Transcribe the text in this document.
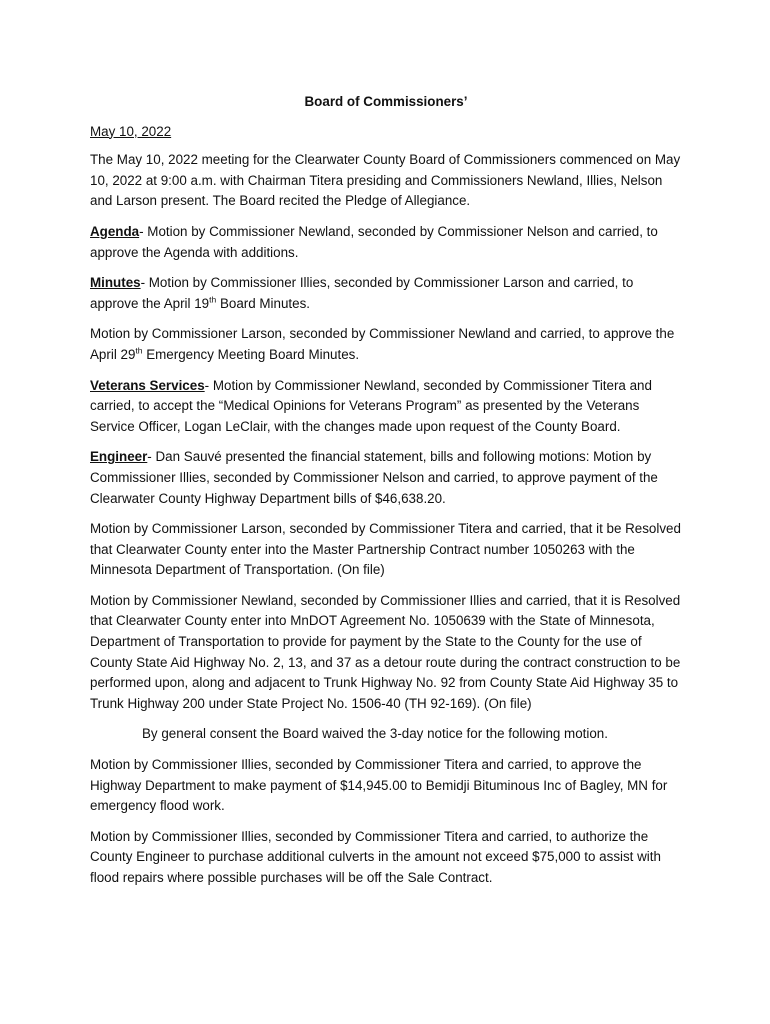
Board of Commissioners’
May 10, 2022

The May 10, 2022 meeting for the Clearwater County Board of Commissioners commenced on May 10, 2022 at 9:00 a.m. with Chairman Titera presiding and Commissioners Newland, Illies, Nelson and Larson present. The Board recited the Pledge of Allegiance.

Agenda- Motion by Commissioner Newland, seconded by Commissioner Nelson and carried, to approve the Agenda with additions.

Minutes- Motion by Commissioner Illies, seconded by Commissioner Larson and carried, to approve the April 19th Board Minutes.

Motion by Commissioner Larson, seconded by Commissioner Newland and carried, to approve the April 29th Emergency Meeting Board Minutes.

Veterans Services- Motion by Commissioner Newland, seconded by Commissioner Titera and carried, to accept the “Medical Opinions for Veterans Program” as presented by the Veterans Service Officer, Logan LeClair, with the changes made upon request of the County Board.

Engineer- Dan Sauvé presented the financial statement, bills and following motions: Motion by Commissioner Illies, seconded by Commissioner Nelson and carried, to approve payment of the Clearwater County Highway Department bills of $46,638.20.

Motion by Commissioner Larson, seconded by Commissioner Titera and carried, that it be Resolved that Clearwater County enter into the Master Partnership Contract number 1050263 with the Minnesota Department of Transportation. (On file)

Motion by Commissioner Newland, seconded by Commissioner Illies and carried, that it is Resolved that Clearwater County enter into MnDOT Agreement No. 1050639 with the State of Minnesota, Department of Transportation to provide for payment by the State to the County for the use of County State Aid Highway No. 2, 13, and 37 as a detour route during the contract construction to be performed upon, along and adjacent to Trunk Highway No. 92 from County State Aid Highway 35 to Trunk Highway 200 under State Project No. 1506-40 (TH 92-169). (On file)

By general consent the Board waived the 3-day notice for the following motion.

Motion by Commissioner Illies, seconded by Commissioner Titera and carried, to approve the Highway Department to make payment of $14,945.00 to Bemidji Bituminous Inc of Bagley, MN for emergency flood work.

Motion by Commissioner Illies, seconded by Commissioner Titera and carried, to authorize the County Engineer to purchase additional culverts in the amount not exceed $75,000 to assist with flood repairs where possible purchases will be off the Sale Contract.
